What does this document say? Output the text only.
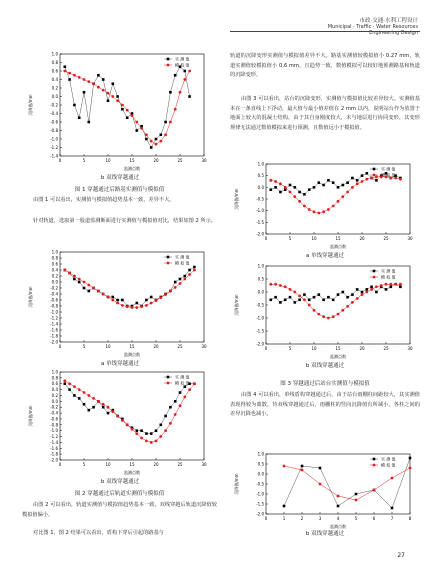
市政·交通·水利工程设计
Municipal · Traffic · Water Resources Engineering Design
1.0
0.8
0.6
0.4
0.2
0.0
-0.2
-0.4
-0.6
-0.8
-1.0
-1.2
-1.4
0	5	10	15	20	25	30
监测点数
沉降值/mm
实 测 值
模 拟 值
b 双线穿越通过
图 1 穿越通过后路基实测值与模拟值
由图 1 可以看出，实测值与模拟值趋势基本一致，差异不大。
针对轨道，选取第一股道监测断面进行实测值与模拟值对比，结果如图 2 所示。
1.0
0.8
0.6
0.4
0.2
0.0
-0.2
-0.4
-0.6
-0.8
-1.0
-1.2
-1.4
-1.6
-1.8
-2.0
0	5	10	15	20	25	30
监测点数
沉降值/mm
实 测 值
模 拟 值
a 单线穿越通过
1.0
0.8
0.6
0.4
0.2
0.0
-0.2
-0.4
-0.6
-0.8
-1.0
-1.2
-1.4
-1.6
-1.8
-2.0
0	5	10	15	20	25	30
监测点数
沉降值/mm
实 测 值
模 拟 值
b 双线穿越通过
图 2 穿越通过后轨道实测值与模拟值
由图 2 可以看出，轨道实测值与模拟值趋势基本一致，双线穿越后轨道沉降值较模拟值偏小。
对比图 1、图 2 结果可以看出，盾构下穿后引起的路基与
轨道的沉降变形实测值与模拟值差异不大。路基实测值较模拟值小 0.27 mm，轨道实测值较模拟值小 0.6 mm，且趋势一致，数值模拟可以较好地预测路基和轨道的沉降变形。
由图 3 可以看出，站台的沉降变形，实测值与模拟值比较差异较大。实测值基本在一条直线上下浮动，最大值与最小值差值在 2 mm 以内，说明站台作为放置于地面上较大的混凝土结构，由于其自身刚度较大，未与地层进行协同变形，其变形规律无法通过数值模拟来进行预测，且数值远小于模拟值。
1.0
0.5
0.0
-0.5
-1.0
-1.5
-2.0
0	5	10	15	20	25	30
监测点数
沉降值/mm
实 测 值
模 拟 值
a 单线穿越通过
1.0
0.5
0.0
-0.5
-1.0
-1.5
-2.0
0	5	10	15	20	25	30
监测点数
沉降值/mm
实 测 值
模 拟 值
b 双线穿越通过
图 3 穿越通过后站台实测值与模拟值
由图 4 可以看出，单线盾构穿越通过后，由于站台雨棚柱间距较大，其实测值表现得较为离散，待双线穿越通过后，雨棚柱的竖向沉降值有所减小，各柱之间的差异沉降也减小。
1.0
0.5
0.0
-0.5
-1.0
-1.5
-2.0
0	1	2	3	4	5	6	7	8
监测点数
沉降值/mm
实 测 值
模 拟 值
b 双线穿越通过
27
